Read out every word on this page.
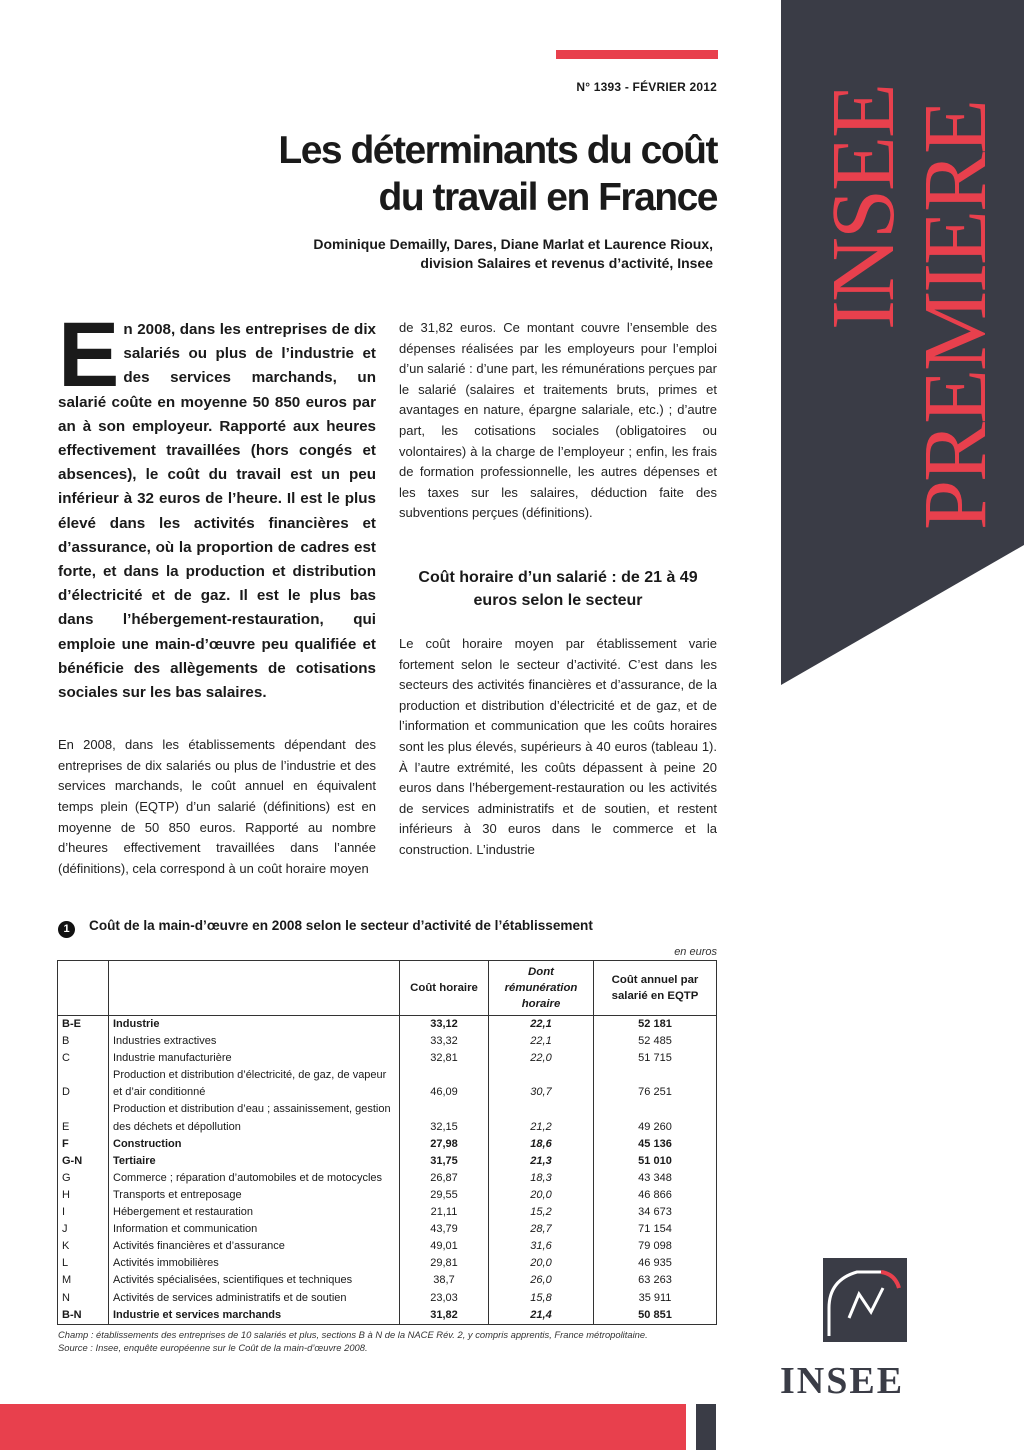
N° 1393 - FÉVRIER 2012
Les déterminants du coût
du travail en France
Dominique Demailly, Dares, Diane Marlat et Laurence Rioux,
division Salaires et revenus d’activité, Insee INSEE
PREMIERE

En 2008, dans les entreprises de dix salariés ou plus de l’industrie et des services marchands, un salarié coûte en moyenne 50 850 euros par an à son employeur. Rapporté aux heures effectivement travaillées (hors congés et absences), le coût du travail est un peu inférieur à 32 euros de l’heure. Il est le plus élevé dans les activités financières et d’assurance, où la proportion de cadres est forte, et dans la production et distribution d’électricité et de gaz. Il est le plus bas dans l’hébergement-restauration, qui emploie une main-d’œuvre peu qualifiée et bénéficie des allègements de cotisations sociales sur les bas salaires.

En 2008, dans les établissements dépendant des entreprises de dix salariés ou plus de l’industrie et des services marchands, le coût annuel en équivalent temps plein (EQTP) d’un salarié (définitions) est en moyenne de 50 850 euros. Rapporté au nombre d’heures effectivement travaillées dans l’année (définitions), cela correspond à un coût horaire moyen

de 31,82 euros. Ce montant couvre l’ensemble des dépenses réalisées par les employeurs pour l’emploi d’un salarié : d’une part, les rémunérations perçues par le salarié (salaires et traitements bruts, primes et avantages en nature, épargne salariale, etc.) ; d’autre part, les cotisations sociales (obligatoires ou volontaires) à la charge de l’employeur ; enfin, les frais de formation professionnelle, les autres dépenses et les taxes sur les salaires, déduction faite des subventions perçues (définitions).

Coût horaire d’un salarié : de 21 à 49 euros selon le secteur

Le coût horaire moyen par établissement varie fortement selon le secteur d’activité. C’est dans les secteurs des activités financières et d’assurance, de la production et distribution d’électricité et de gaz, et de l’information et communication que les coûts horaires sont les plus élevés, supérieurs à 40 euros (tableau 1). À l’autre extrémité, les coûts dépassent à peine 20 euros dans l’hébergement-restauration ou les activités de services administratifs et de soutien, et restent inférieurs à 30 euros dans le commerce et la construction. L’industrie

1 Coût de la main-d’œuvre en 2008 selon le secteur d’activité de l’établissement
en euros
		Coût horaire	Dont rémunération horaire	Coût annuel par salarié en EQTP
B-E	Industrie	33,12	22,1	52 181
B	Industries extractives	33,32	22,1	52 485
C	Industrie manufacturière	32,81	22,0	51 715
D	Production et distribution d’électricité, de gaz, de vapeur et d’air conditionné	46,09	30,7	76 251
E	Production et distribution d’eau ; assainissement, gestion des déchets et dépollution	32,15	21,2	49 260
F	Construction	27,98	18,6	45 136
G-N	Tertiaire	31,75	21,3	51 010
G	Commerce ; réparation d’automobiles et de motocycles	26,87	18,3	43 348
H	Transports et entreposage	29,55	20,0	46 866
I	Hébergement et restauration	21,11	15,2	34 673
J	Information et communication	43,79	28,7	71 154
K	Activités financières et d’assurance	49,01	31,6	79 098
L	Activités immobilières	29,81	20,0	46 935
M	Activités spécialisées, scientifiques et techniques	38,7	26,0	63 263
N	Activités de services administratifs et de soutien	23,03	15,8	35 911
B-N	Industrie et services marchands	31,82	21,4	50 851
Champ : établissements des entreprises de 10 salariés et plus, sections B à N de la NACE Rév. 2, y compris apprentis, France métropolitaine.
Source : Insee, enquête européenne sur le Coût de la main-d’œuvre 2008.
INSEE
